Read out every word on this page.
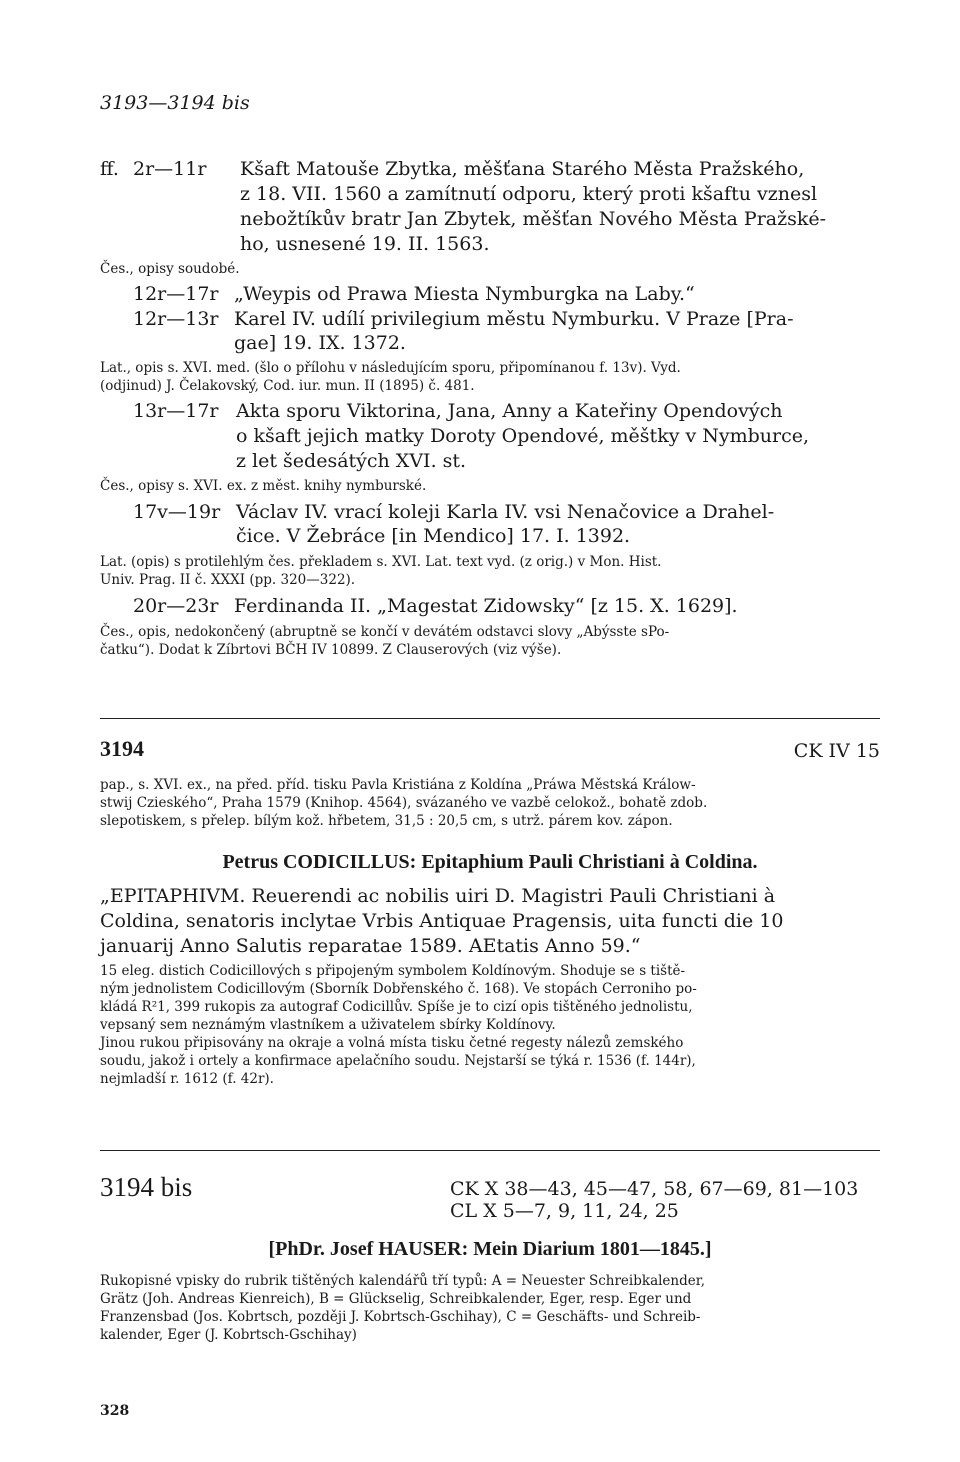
3193—3194 bis

ff. 2r—11r Kšaft Matouše Zbytka, měšťana Starého Města Pražského,
z 18. VII. 1560 a zamítnutí odporu, který proti kšaftu vznesl
nebožtíkův bratr Jan Zbytek, měšťan Nového Města Pražské-
ho, usnesené 19. II. 1563.
Čes., opisy soudobé.
12r—17r „Weypis od Prawa Miesta Nymburgka na Laby.“
12r—13r Karel IV. udílí privilegium městu Nymburku. V Praze [Pra-
gae] 19. IX. 1372.
Lat., opis s. XVI. med. (šlo o přílohu v následujícím sporu, připomínanou f. 13v). Vyd.
(odjinud) J. Čelakovský, Cod. iur. mun. II (1895) č. 481.
13r—17r Akta sporu Viktorina, Jana, Anny a Kateřiny Opendových
o kšaft jejich matky Doroty Opendové, měštky v Nymburce,
z let šedesátých XVI. st.
Čes., opisy s. XVI. ex. z měst. knihy nymburské.
17v—19r Václav IV. vrací koleji Karla IV. vsi Nenačovice a Drahel-
čice. V Žebráce [in Mendico] 17. I. 1392.
Lat. (opis) s protilehlým čes. překladem s. XVI. Lat. text vyd. (z orig.) v Mon. Hist.
Univ. Prag. II č. XXXI (pp. 320—322).
20r—23r Ferdinanda II. „Magestat Zidowsky“ [z 15. X. 1629].
Čes., opis, nedokončený (abruptně se končí v devátém odstavci slovy „Abýsste sPo-
čatku“). Dodat k Zíbrtovi BČH IV 10899. Z Clauserových (viz výše).
3194	CK IV 15
pap., s. XVI. ex., na před. příd. tisku Pavla Kristiána z Koldína „Práwa Městská Králow-
stwij Czieského“, Praha 1579 (Knihop. 4564), svázaného ve vazbě celokož., bohatě zdob.
slepotiskem, s přelep. bílým kož. hřbetem, 31,5 : 20,5 cm, s utrž. párem kov. zápon.
Petrus CODICILLUS: Epitaphium Pauli Christiani à Coldina.
„EPITAPHIVM. Reuerendi ac nobilis uiri D. Magistri Pauli Christiani à
Coldina, senatoris inclytae Vrbis Antiquae Pragensis, uita functi die 10
januarij Anno Salutis reparatae 1589. AEtatis Anno 59.“
15 eleg. distich Codicillových s připojeným symbolem Koldínovým. Shoduje se s tiště-
ným jednolistem Codicillovým (Sborník Dobřenského č. 168). Ve stopách Cerroniho po-
kládá R²1, 399 rukopis za autograf Codicillův. Spíše je to cizí opis tištěného jednolistu,
vepsaný sem neznámým vlastníkem a uživatelem sbírky Koldínovy.
Jinou rukou připisovány na okraje a volná místa tisku četné regesty nálezů zemského
soudu, jakož i ortely a konfirmace apelačního soudu. Nejstarší se týká r. 1536 (f. 144r),
nejmladší r. 1612 (f. 42r).
3194 bis	CK X 38—43, 45—47, 58, 67—69, 81—103
CL X 5—7, 9, 11, 24, 25
[PhDr. Josef HAUSER: Mein Diarium 1801—1845.]
Rukopisné vpisky do rubrik tištěných kalendářů tří typů: A = Neuester Schreibkalender,
Grätz (Joh. Andreas Kienreich), B = Glückselig, Schreibkalender, Eger, resp. Eger und
Franzensbad (Jos. Kobrtsch, později J. Kobrtsch-Gschihay), C = Geschäfts- und Schreib-
kalender, Eger (J. Kobrtsch-Gschihay)
328
